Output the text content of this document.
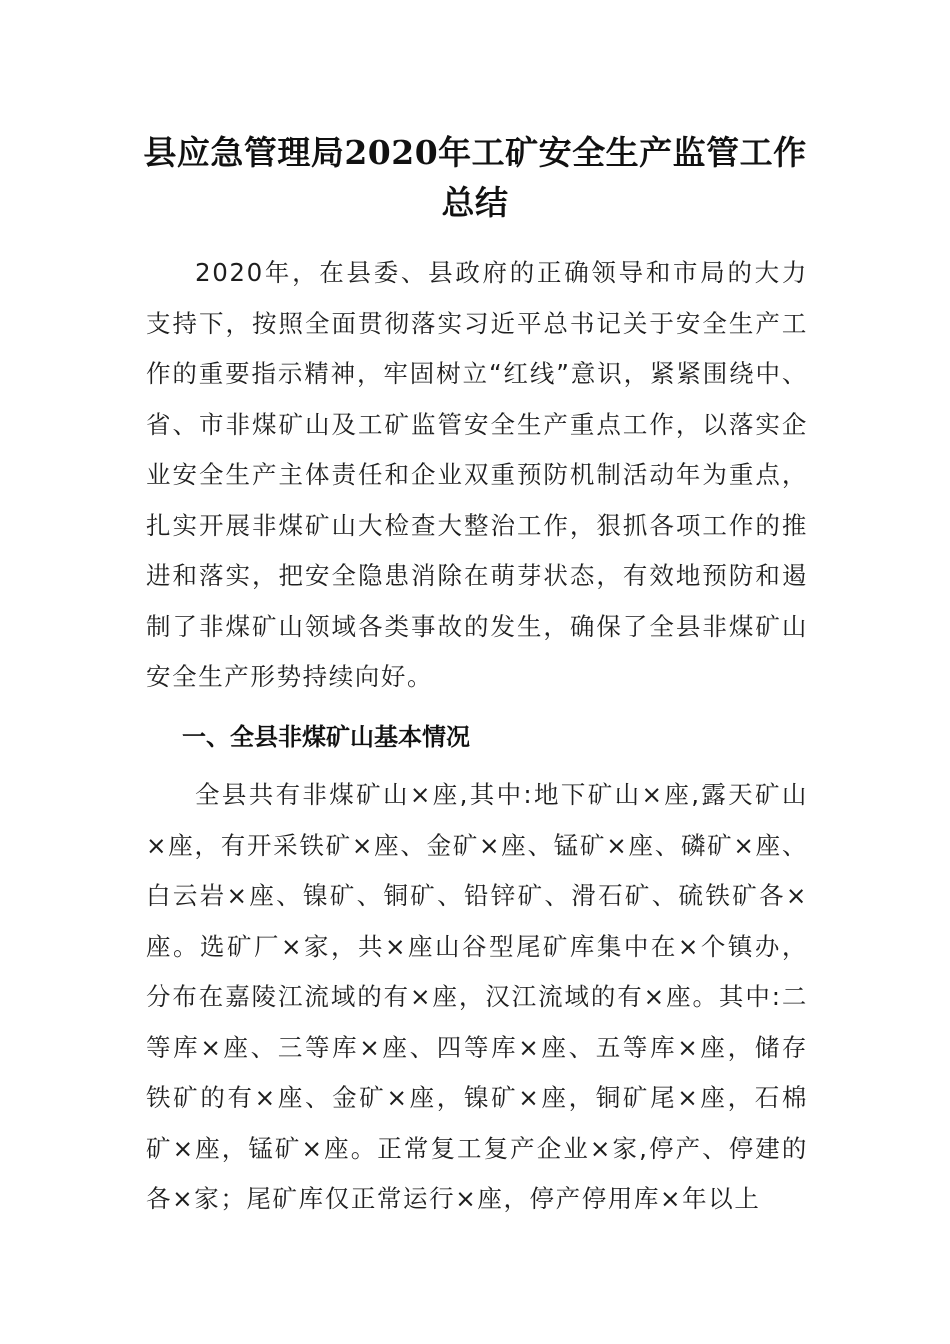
县应急管理局2020年工矿安全生产监管工作总结

2020年，在县委、县政府的正确领导和市局的大力支持下，按照全面贯彻落实习近平总书记关于安全生产工作的重要指示精神，牢固树立“红线”意识，紧紧围绕中、省、市非煤矿山及工矿监管安全生产重点工作，以落实企业安全生产主体责任和企业双重预防机制活动年为重点，扎实开展非煤矿山大检查大整治工作，狠抓各项工作的推进和落实，把安全隐患消除在萌芽状态，有效地预防和遏制了非煤矿山领域各类事故的发生，确保了全县非煤矿山安全生产形势持续向好。

一、全县非煤矿山基本情况

全县共有非煤矿山×座,其中:地下矿山×座,露天矿山×座，有开采铁矿×座、金矿×座、锰矿×座、磷矿×座、白云岩×座、镍矿、铜矿、铅锌矿、滑石矿、硫铁矿各×座。选矿厂×家，共×座山谷型尾矿库集中在×个镇办，分布在嘉陵江流域的有×座，汉江流域的有×座。其中:二等库×座、三等库×座、四等库×座、五等库×座，储存铁矿的有×座、金矿×座，镍矿×座，铜矿尾×座，石棉矿×座，锰矿×座。正常复工复产企业×家,停产、停建的各×家；尾矿库仅正常运行×座，停产停用库×年以上
